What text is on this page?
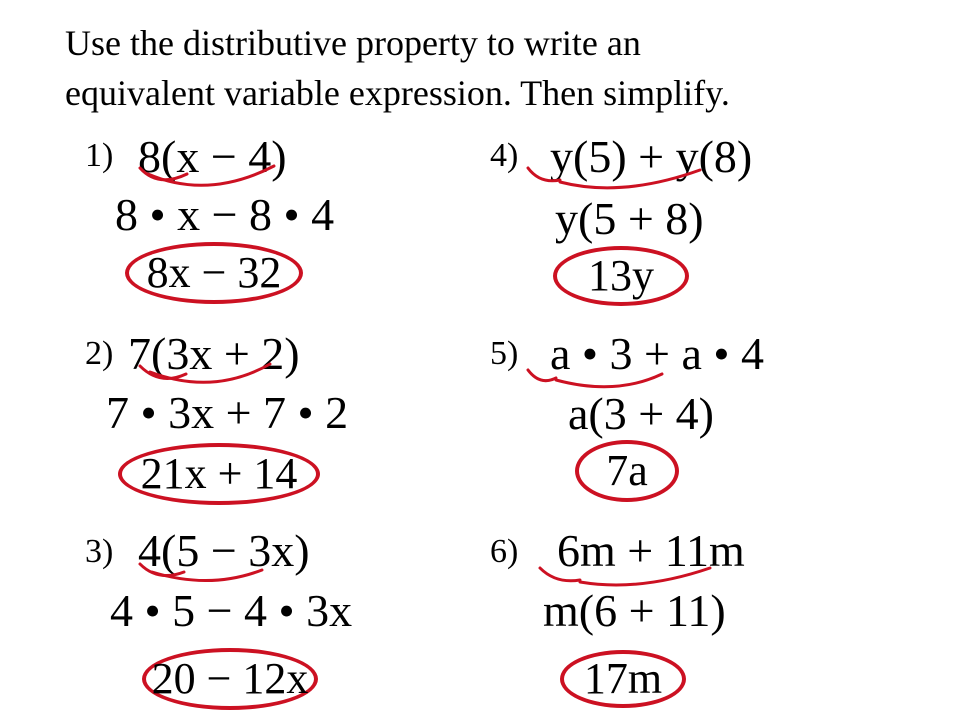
Use the distributive property to write an
equivalent variable expression. Then simplify.
1) 8(x − 4)
8 • x − 8 • 4
8x − 32
2) 7(3x + 2)
7 • 3x + 7 • 2
21x + 14
3) 4(5 − 3x)
4 • 5 − 4 • 3x
20 − 12x
4) y(5) + y(8)
y(5 + 8)
13y
5) a • 3 + a • 4
a(3 + 4)
7a
6) 6m + 11m
m(6 + 11)
17m
